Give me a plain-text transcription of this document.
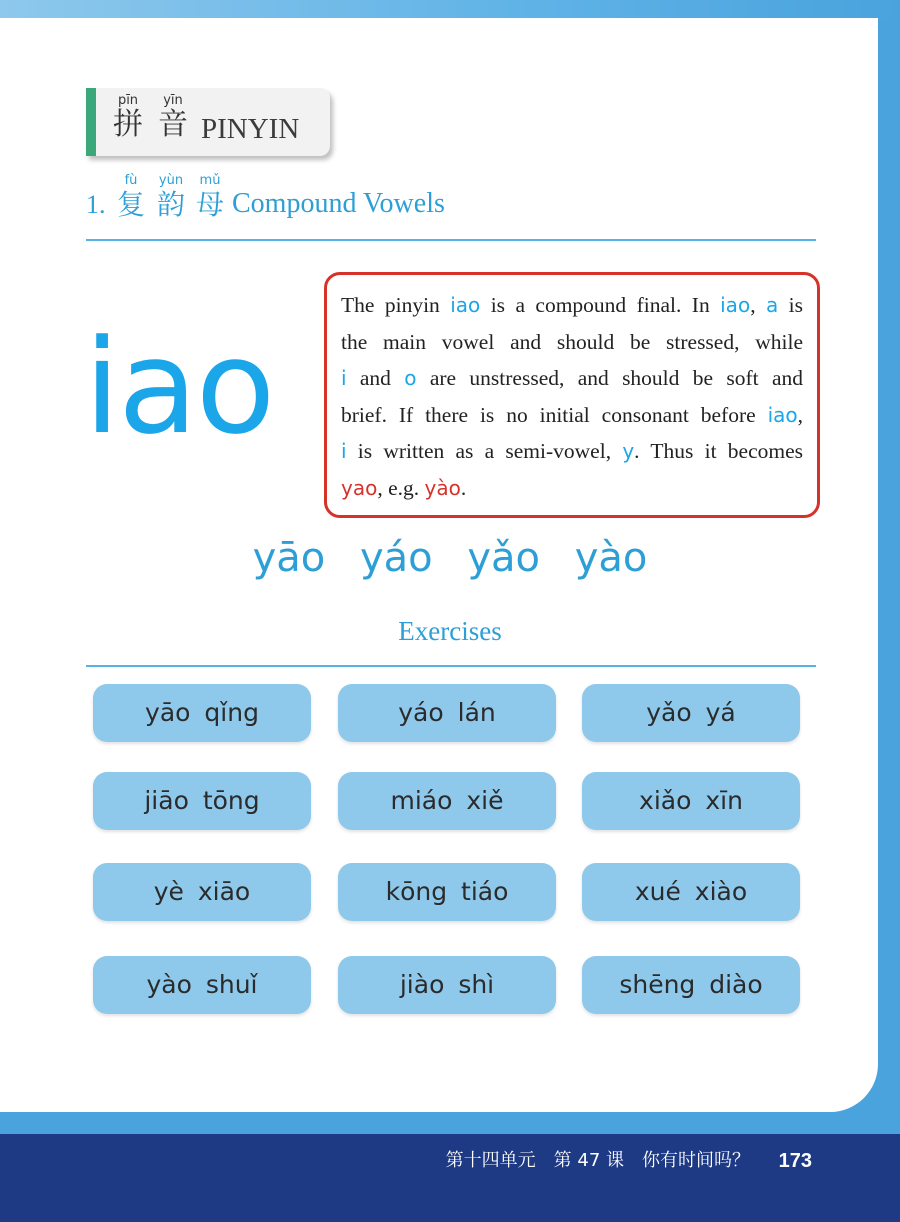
pīn
拼
yīn
音 PINYIN
1.
fù
复
yùn
韵
mǔ
母 Compound Vowels
iao
The pinyin iao is a compound final. In iao, a is
the main vowel and should be stressed, while
i and o are unstressed, and should be soft and
brief. If there is no initial consonant before iao,
i is written as a semi-vowel, y. Thus it becomes
yao, e.g. yào.
yāo yáo yǎo yào
Exercises
yāo qǐng	yáo lán	yǎo yá
jiāo tōng	miáo xiě	xiǎo xīn
yè xiāo	kōng tiáo	xué xiào
yào shuǐ	jiào shì	shēng diào
第十四单元　第 47 课　你有时间吗？ 173
